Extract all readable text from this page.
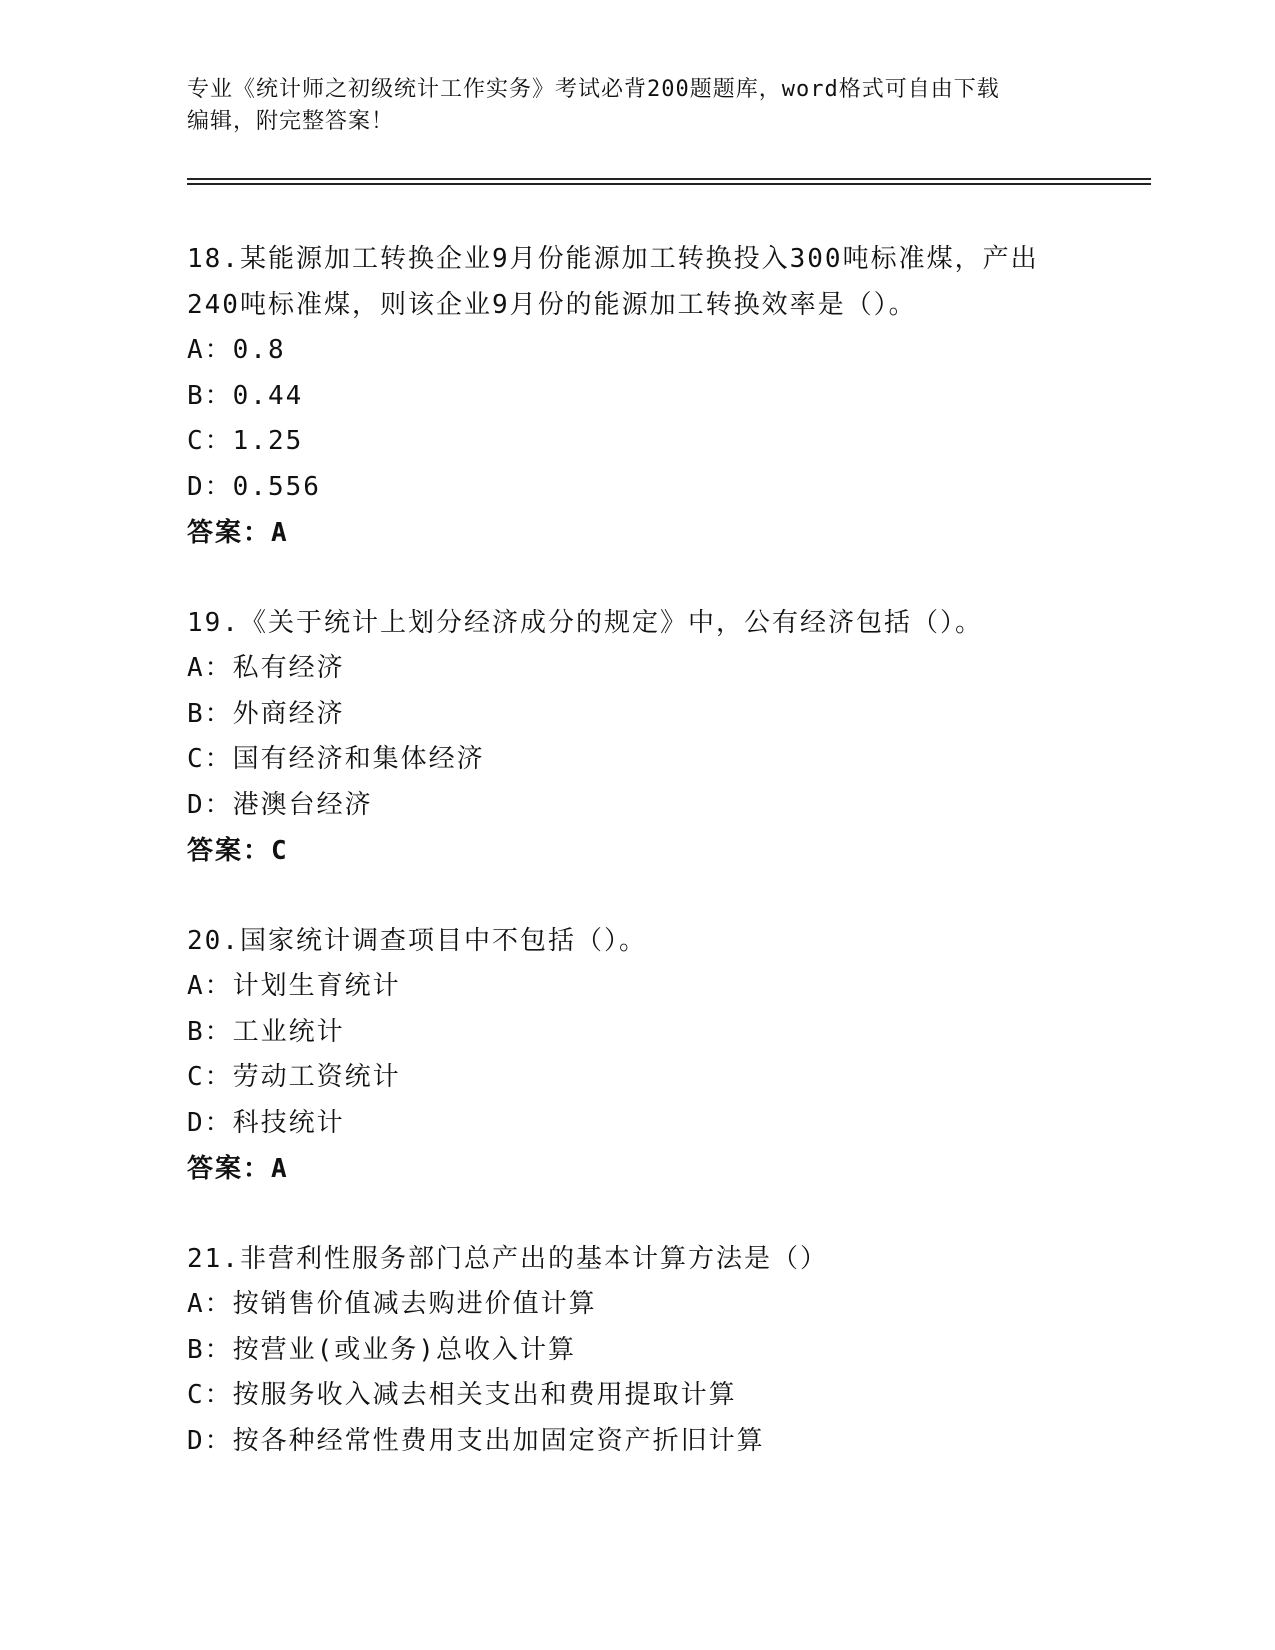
专业《统计师之初级统计工作实务》考试必背200题题库，word格式可自由下载
编辑，附完整答案！
18.某能源加工转换企业9月份能源加工转换投入300吨标准煤，产出
240吨标准煤，则该企业9月份的能源加工转换效率是（）。
A：0.8
B：0.44
C：1.25
D：0.556
答案：A
19.《关于统计上划分经济成分的规定》中，公有经济包括（）。
A：私有经济
B：外商经济
C：国有经济和集体经济
D：港澳台经济
答案：C
20.国家统计调查项目中不包括（）。
A：计划生育统计
B：工业统计
C：劳动工资统计
D：科技统计
答案：A
21.非营利性服务部门总产出的基本计算方法是（）
A：按销售价值减去购进价值计算
B：按营业(或业务)总收入计算
C：按服务收入减去相关支出和费用提取计算
D：按各种经常性费用支出加固定资产折旧计算
